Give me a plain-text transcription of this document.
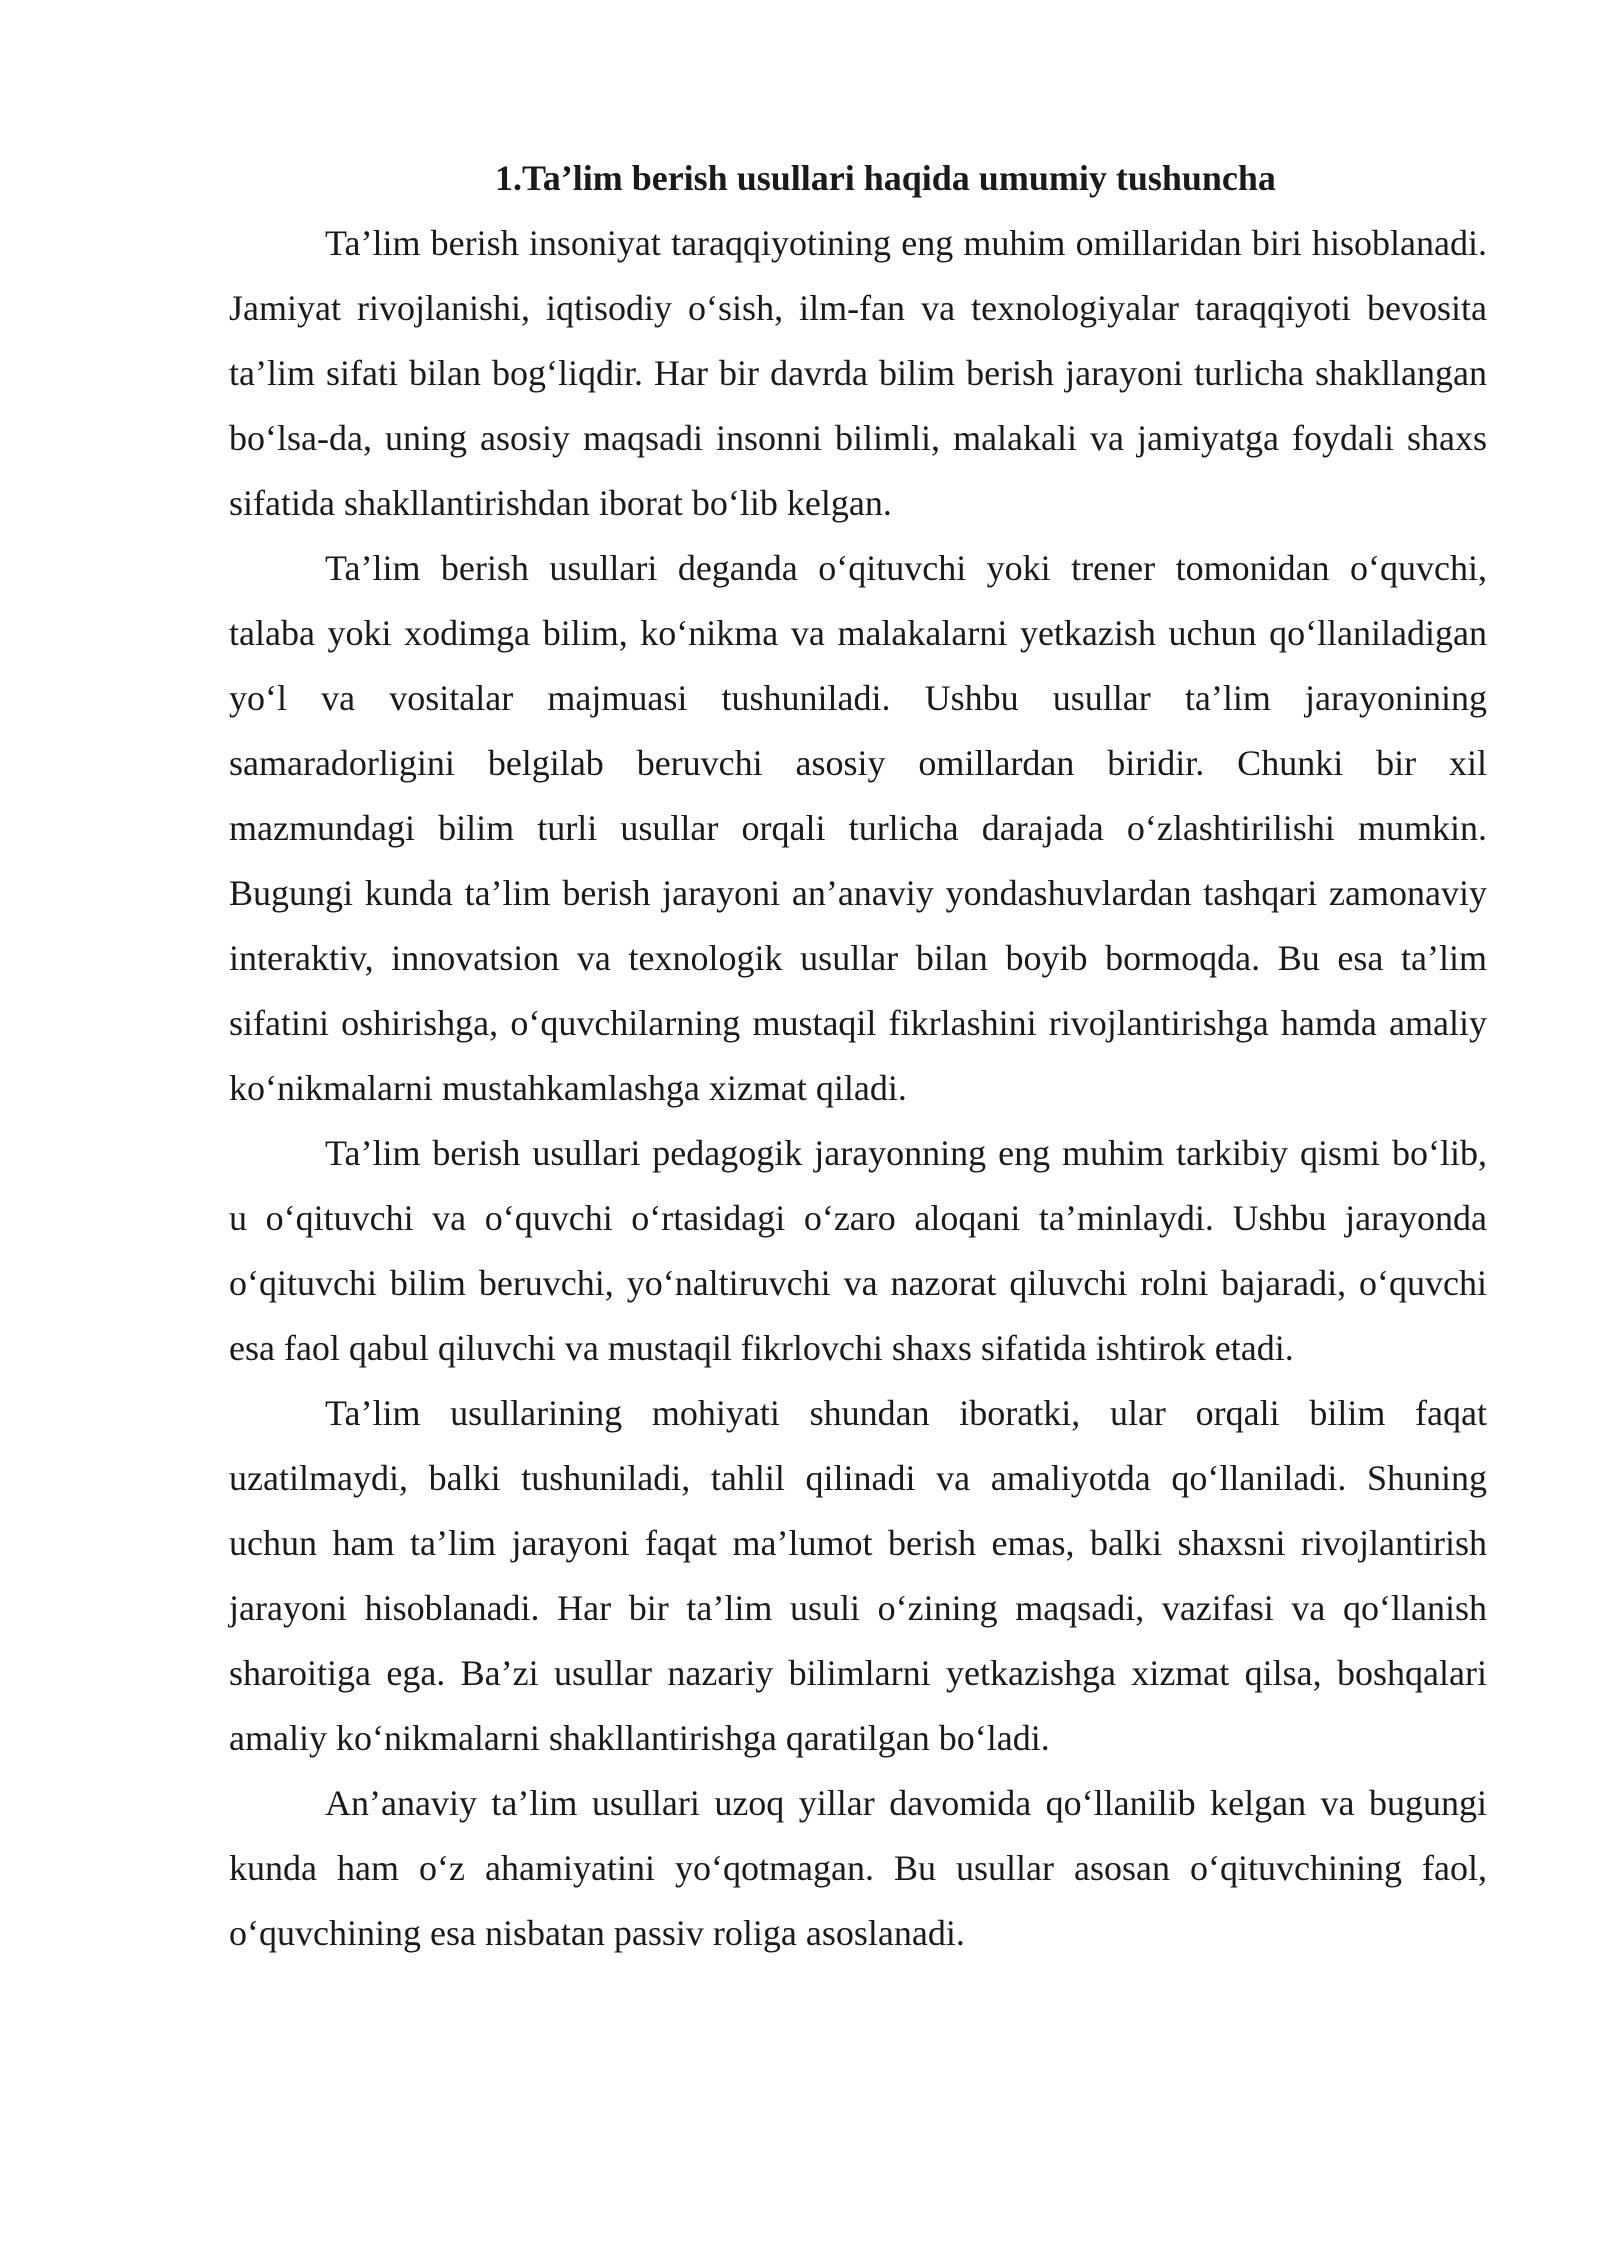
1.Ta’lim berish usullari haqida umumiy tushuncha

Ta’lim berish insoniyat taraqqiyotining eng muhim omillaridan biri hisoblanadi. Jamiyat rivojlanishi, iqtisodiy o‘sish, ilm-fan va texnologiyalar taraqqiyoti bevosita ta’lim sifati bilan bog‘liqdir. Har bir davrda bilim berish jarayoni turlicha shakllangan bo‘lsa-da, uning asosiy maqsadi insonni bilimli, malakali va jamiyatga foydali shaxs sifatida shakllantirishdan iborat bo‘lib kelgan.

Ta’lim berish usullari deganda o‘qituvchi yoki trener tomonidan o‘quvchi, talaba yoki xodimga bilim, ko‘nikma va malakalarni yetkazish uchun qo‘llaniladigan yo‘l va vositalar majmuasi tushuniladi. Ushbu usullar ta’lim jarayonining samaradorligini belgilab beruvchi asosiy omillardan biridir. Chunki bir xil mazmundagi bilim turli usullar orqali turlicha darajada o‘zlashtirilishi mumkin. Bugungi kunda ta’lim berish jarayoni an’anaviy yondashuvlardan tashqari zamonaviy interaktiv, innovatsion va texnologik usullar bilan boyib bormoqda. Bu esa ta’lim sifatini oshirishga, o‘quvchilarning mustaqil fikrlashini rivojlantirishga hamda amaliy ko‘nikmalarni mustahkamlashga xizmat qiladi.

Ta’lim berish usullari pedagogik jarayonning eng muhim tarkibiy qismi bo‘lib, u o‘qituvchi va o‘quvchi o‘rtasidagi o‘zaro aloqani ta’minlaydi. Ushbu jarayonda o‘qituvchi bilim beruvchi, yo‘naltiruvchi va nazorat qiluvchi rolni bajaradi, o‘quvchi esa faol qabul qiluvchi va mustaqil fikrlovchi shaxs sifatida ishtirok etadi.

Ta’lim usullarining mohiyati shundan iboratki, ular orqali bilim faqat uzatilmaydi, balki tushuniladi, tahlil qilinadi va amaliyotda qo‘llaniladi. Shuning uchun ham ta’lim jarayoni faqat ma’lumot berish emas, balki shaxsni rivojlantirish jarayoni hisoblanadi. Har bir ta’lim usuli o‘zining maqsadi, vazifasi va qo‘llanish sharoitiga ega. Ba’zi usullar nazariy bilimlarni yetkazishga xizmat qilsa, boshqalari amaliy ko‘nikmalarni shakllantirishga qaratilgan bo‘ladi.

An’anaviy ta’lim usullari uzoq yillar davomida qo‘llanilib kelgan va bugungi kunda ham o‘z ahamiyatini yo‘qotmagan. Bu usullar asosan o‘qituvchining faol, o‘quvchining esa nisbatan passiv roliga asoslanadi.
